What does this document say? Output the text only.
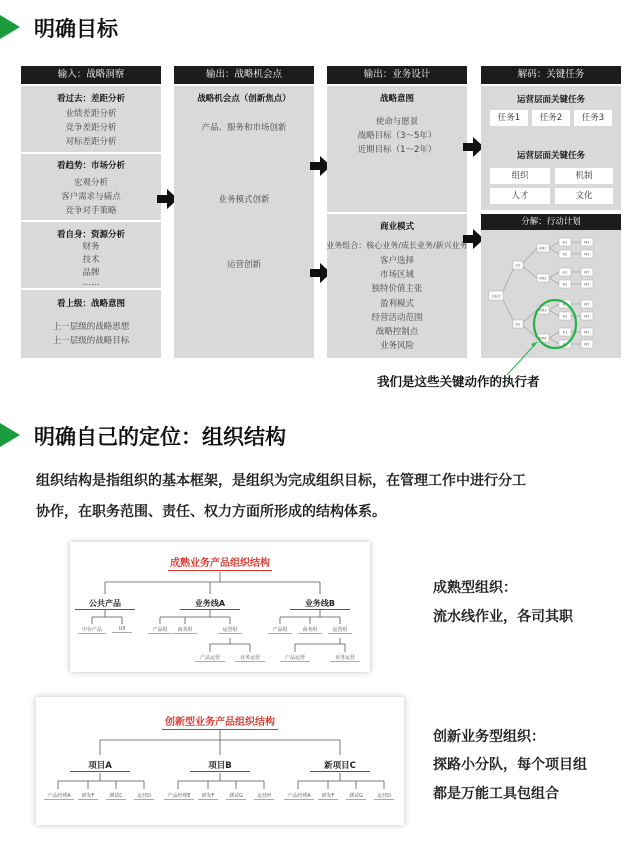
明确目标
输入：战略洞察
看过去：差距分析
业绩差距分析
竞争差距分析
对标差距分析
看趋势：市场分析
宏观分析
客户需求与痛点
竞争对手策略
看自身：资源分析
财务
技术
品牌
……
看上级：战略意图
上一层级的战略思想
上一层级的战略目标
输出：战略机会点
战略机会点（创新焦点）
产品、服务和市场创新
业务模式创新
运营创新
输出：业务设计
战略意图
使命与愿景
战略目标（3～5年）
近期目标（1～2年）
商业模式
业务组合：核心业务/成长业务/新兴业务
客户选择
市场区域
独特价值主张
盈利模式
经营活动范围
战略控制点
业务风险
解码：关键任务
运营层面关键任务
任务1	任务2	任务3
运营层面关键任务
组织	机制
人才	文化
分解：行动计划
目标Y
O1
O2
KR1
KR2
KR3
KR4
A1
A2
A1
A2
A1
A2
A1
A2
M1
M2
M1
M2
M1
M2
M1
M2
我们是这些关键动作的执行者
明确自己的定位：组织结构
组织结构是指组织的基本框架，是组织为完成组织目标，在管理工作中进行分工
协作，在职务范围、责任、权力方面所形成的结构体系。
成熟业务产品组织结构
公共产品	业务线A	业务线B
中台产品	UX	产品组	商务组	运营组
产品运营	业务运营
产品组	商务组	运营组
产品运营	业务运营
成熟型组织：
流水线作业，各司其职
创新型业务产品组织结构
项目A	项目B	新项目C
产品经理A	研发F	测试C	运营D	产品经理E	研发F	测试G	运营H	产品经理A	研发F	测试G	运营D
创新业务型组织：
探路小分队，每个项目组
都是万能工具包组合
